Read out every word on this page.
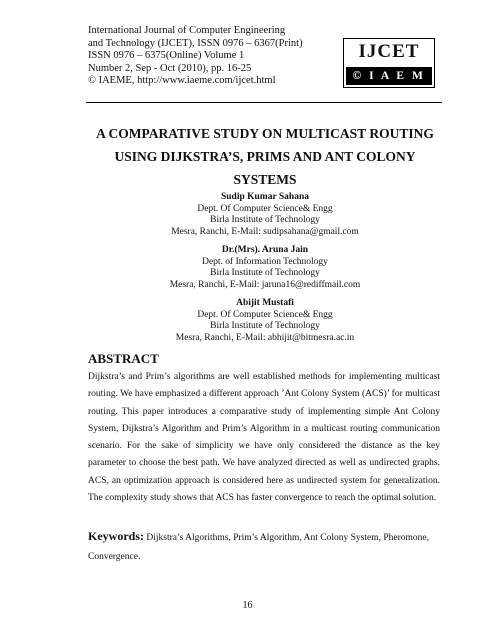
International Journal of Computer Engineering
and Technology (IJCET), ISSN 0976 – 6367(Print)
ISSN 0976 – 6375(Online) Volume 1
Number 2, Sep - Oct (2010), pp. 16-25
© IAEME, http://www.iaeme.com/ijcet.html
IJCET
© I A E M E
A COMPARATIVE STUDY ON MULTICAST ROUTING
USING DIJKSTRA’S, PRIMS AND ANT COLONY
SYSTEMS
Sudip Kumar Sahana
Dept. Of Computer Science& Engg
Birla Institute of Technology
Mesra, Ranchi, E-Mail: sudipsahana@gmail.com
Dr.(Mrs). Aruna Jain
Dept. of Information Technology
Birla Institute of Technology
Mesra, Ranchi, E-Mail: jaruna16@rediffmail.com
Abijit Mustafi
Dept. Of Computer Science& Engg
Birla Institute of Technology
Mesra, Ranchi, E-Mail: abhijit@bitmesra.ac.in
ABSTRACT
Dijkstra’s and Prim’s algorithms are well established methods for implementing multicast routing. We have emphasized a different approach ’Ant Colony System (ACS)’ for multicast routing. This paper introduces a comparative study of implementing simple Ant Colony System, Dijkstra’s Algorithm and Prim’s Algorithm in a multicast routing communication scenario. For the sake of simplicity we have only considered the distance as the key parameter to choose the best path. We have analyzed directed as well as undirected graphs. ACS, an optimization approach is considered here as undirected system for generalization. The complexity study shows that ACS has faster convergence to reach the optimal solution.
Keywords: Dijkstra’s Algorithms, Prim’s Algorithm, Ant Colony System, Pheromone, Convergence.
16
